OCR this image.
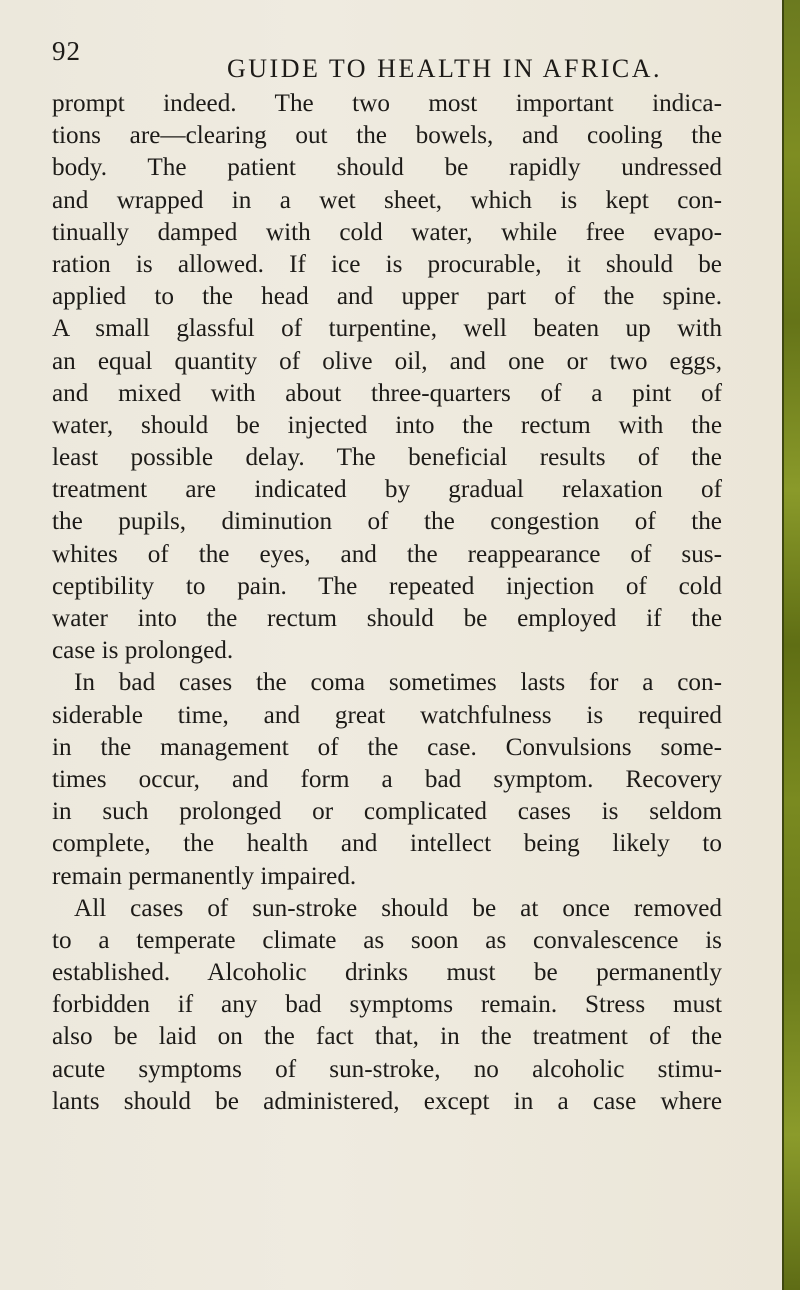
92
GUIDE TO HEALTH IN AFRICA.
prompt indeed. The two most important indica-
tions are—clearing out the bowels, and cooling the
body. The patient should be rapidly undressed
and wrapped in a wet sheet, which is kept con-
tinually damped with cold water, while free evapo-
ration is allowed. If ice is procurable, it should be
applied to the head and upper part of the spine.
A small glassful of turpentine, well beaten up with
an equal quantity of olive oil, and one or two eggs,
and mixed with about three-quarters of a pint of
water, should be injected into the rectum with the
least possible delay. The beneficial results of the
treatment are indicated by gradual relaxation of
the pupils, diminution of the congestion of the
whites of the eyes, and the reappearance of sus-
ceptibility to pain. The repeated injection of cold
water into the rectum should be employed if the
case is prolonged.
In bad cases the coma sometimes lasts for a con-
siderable time, and great watchfulness is required
in the management of the case. Convulsions some-
times occur, and form a bad symptom. Recovery
in such prolonged or complicated cases is seldom
complete, the health and intellect being likely to
remain permanently impaired.
All cases of sun-stroke should be at once removed
to a temperate climate as soon as convalescence is
established. Alcoholic drinks must be permanently
forbidden if any bad symptoms remain. Stress must
also be laid on the fact that, in the treatment of the
acute symptoms of sun-stroke, no alcoholic stimu-
lants should be administered, except in a case where
